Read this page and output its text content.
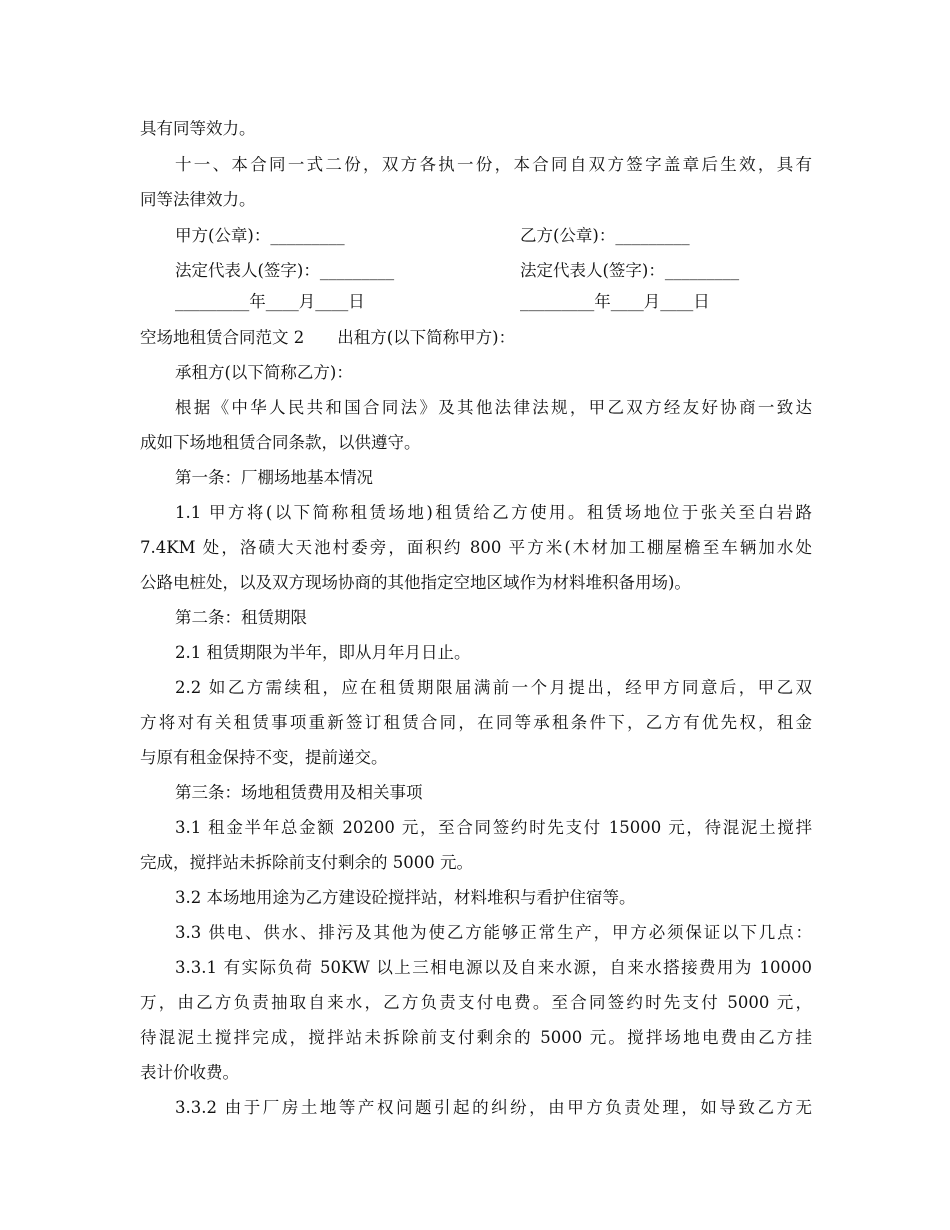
具有同等效力。
十一、本合同一式二份，双方各执一份，本合同自双方签字盖章后生效，具有
同等法律效力。
甲方(公章)：_________	乙方(公章)：_________
法定代表人(签字)：_________	法定代表人(签字)：_________
_________年____月____日	_________年____月____日
空场地租赁合同范文 2　　出租方(以下简称甲方)：
承租方(以下简称乙方)：
根据《中华人民共和国合同法》及其他法律法规，甲乙双方经友好协商一致达
成如下场地租赁合同条款，以供遵守。
第一条：厂棚场地基本情况
1.1 甲方将(以下简称租赁场地)租赁给乙方使用。租赁场地位于张关至白岩路
7.4KM 处，洛碛大天池村委旁，面积约 800 平方米(木材加工棚屋檐至车辆加水处
公路电桩处，以及双方现场协商的其他指定空地区域作为材料堆积备用场)。
第二条：租赁期限
2.1 租赁期限为半年，即从月年月日止。
2.2 如乙方需续租，应在租赁期限届满前一个月提出，经甲方同意后，甲乙双
方将对有关租赁事项重新签订租赁合同，在同等承租条件下，乙方有优先权，租金
与原有租金保持不变，提前递交。
第三条：场地租赁费用及相关事项
3.1 租金半年总金额 20200 元，至合同签约时先支付 15000 元，待混泥土搅拌
完成，搅拌站未拆除前支付剩余的 5000 元。
3.2 本场地用途为乙方建设砼搅拌站，材料堆积与看护住宿等。
3.3 供电、供水、排污及其他为使乙方能够正常生产，甲方必须保证以下几点：
3.3.1 有实际负荷 50KW 以上三相电源以及自来水源，自来水搭接费用为 10000
万，由乙方负责抽取自来水，乙方负责支付电费。至合同签约时先支付 5000 元，
待混泥土搅拌完成，搅拌站未拆除前支付剩余的 5000 元。搅拌场地电费由乙方挂
表计价收费。
3.3.2 由于厂房土地等产权问题引起的纠纷，由甲方负责处理，如导致乙方无
